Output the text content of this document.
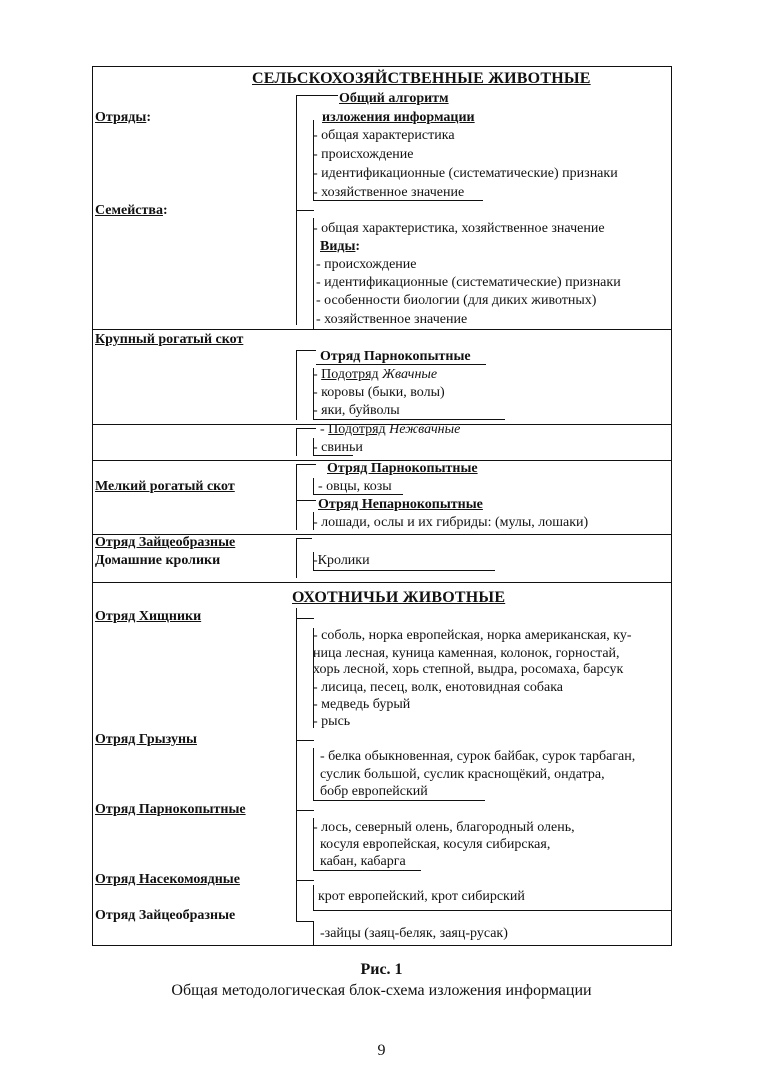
СЕЛЬСКОХОЗЯЙСТВЕННЫЕ ЖИВОТНЫЕ
Общий алгоритм
изложения информации
Отряды:
- общая характеристика
- происхождение
- идентификационные (систематические) признаки
- хозяйственное значение
Семейства:
- общая характеристика, хозяйственное значение
Виды:
- происхождение
- идентификационные (систематические) признаки
- особенности биологии (для диких животных)
- хозяйственное значение
Крупный рогатый скот
Отряд Парнокопытные
- Подотряд Жвачные
- коровы (быки, волы)
- яки, буйволы
- Подотряд Нежвачные
- свиньи
Отряд Парнокопытные
Мелкий рогатый скот	- овцы, козы
Отряд Непарнокопытные
- лошади, ослы и их гибриды: (мулы, лошаки)
Отряд Зайцеобразные
Домашние кролики	-Кролики
ОХОТНИЧЬИ ЖИВОТНЫЕ
Отряд Хищники
- соболь, норка европейская, норка американская, ку-
ница лесная, куница каменная, колонок, горностай,
хорь лесной, хорь степной, выдра, росомаха, барсук
- лисица, песец, волк, енотовидная собака
- медведь бурый
- рысь
Отряд Грызуны
- белка обыкновенная, сурок байбак, сурок тарбаган,
суслик большой, суслик краснощёкий, ондатра,
бобр европейский
Отряд Парнокопытные
- лось, северный олень, благородный олень,
косуля европейская, косуля сибирская,
кабан, кабарга
Отряд Насекомоядные
крот европейский, крот сибирский
Отряд Зайцеобразные
-зайцы (заяц-беляк, заяц-русак)
Рис. 1
Общая методологическая блок-схема изложения информации
9
